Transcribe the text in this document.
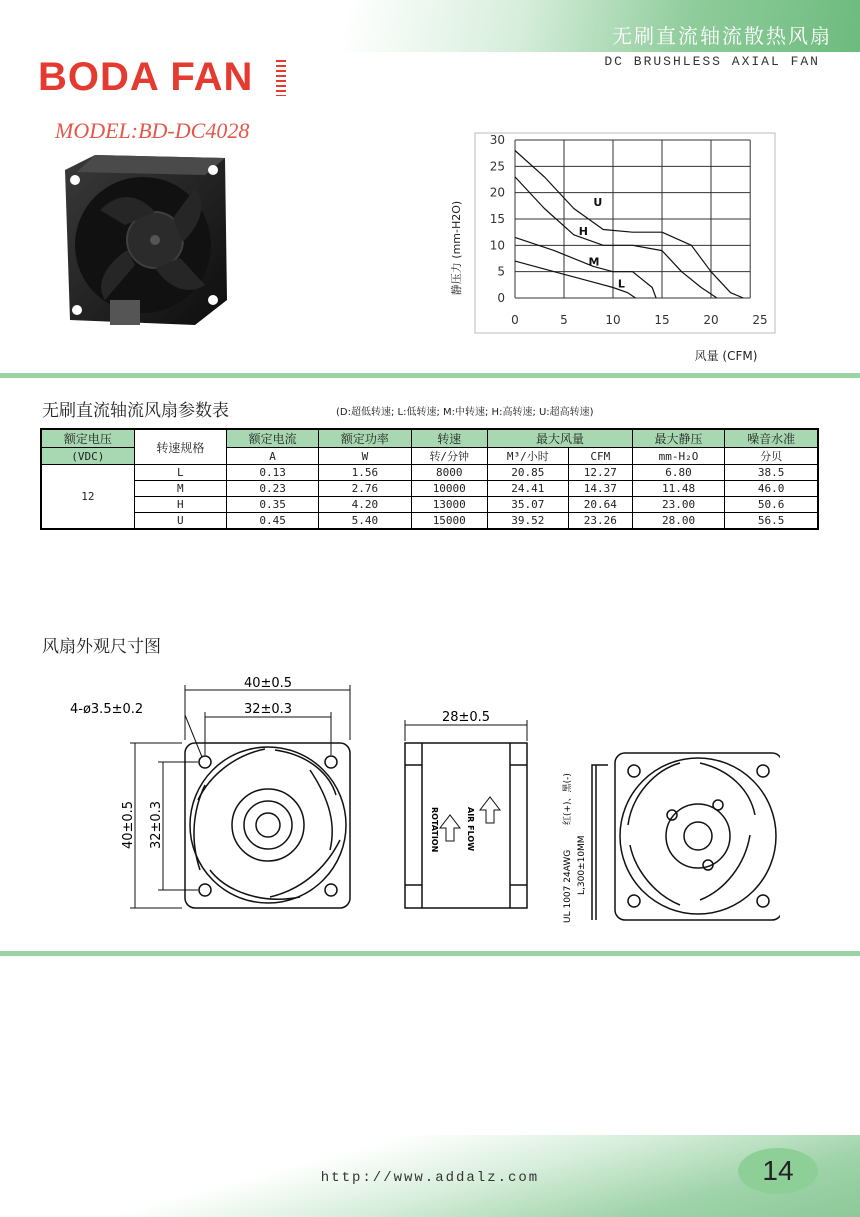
无刷直流轴流散热风扇
DC BRUSHLESS AXIAL FAN
BODA FAN
MODEL:BD-DC4028
U
H
M
L
0	5	10	15	20	25
0
5
10
15
20
25
30
静压力 (mm-H2O)
风量 (CFM)
无刷直流轴流风扇参数表	(D:超低转速; L:低转速; M:中转速; H:高转速; U:超高转速)
额定电压	转速规格	额定电流	额定功率	转速	最大风量		最大静压	噪音水准
(VDC)		A	W	转/分钟	M³/小时	CFM	mm-H₂O	分贝
12	L	0.13	1.56	8000	20.85	12.27	6.80	38.5
	M	0.23	2.76	10000	24.41	14.37	11.48	46.0
	H	0.35	4.20	13000	35.07	20.64	23.00	50.6
	U	0.45	5.40	15000	39.52	23.26	28.00	56.5
风扇外观尺寸图
40±0.5
32±0.3
4-ø3.5±0.2
40±0.5 32±0.3
28±0.5
AIR FLOW
ROTATION
UL 1007 24AWG
红(+)、黑(-)
L,300±10MM
http://www.addalz.com	14
